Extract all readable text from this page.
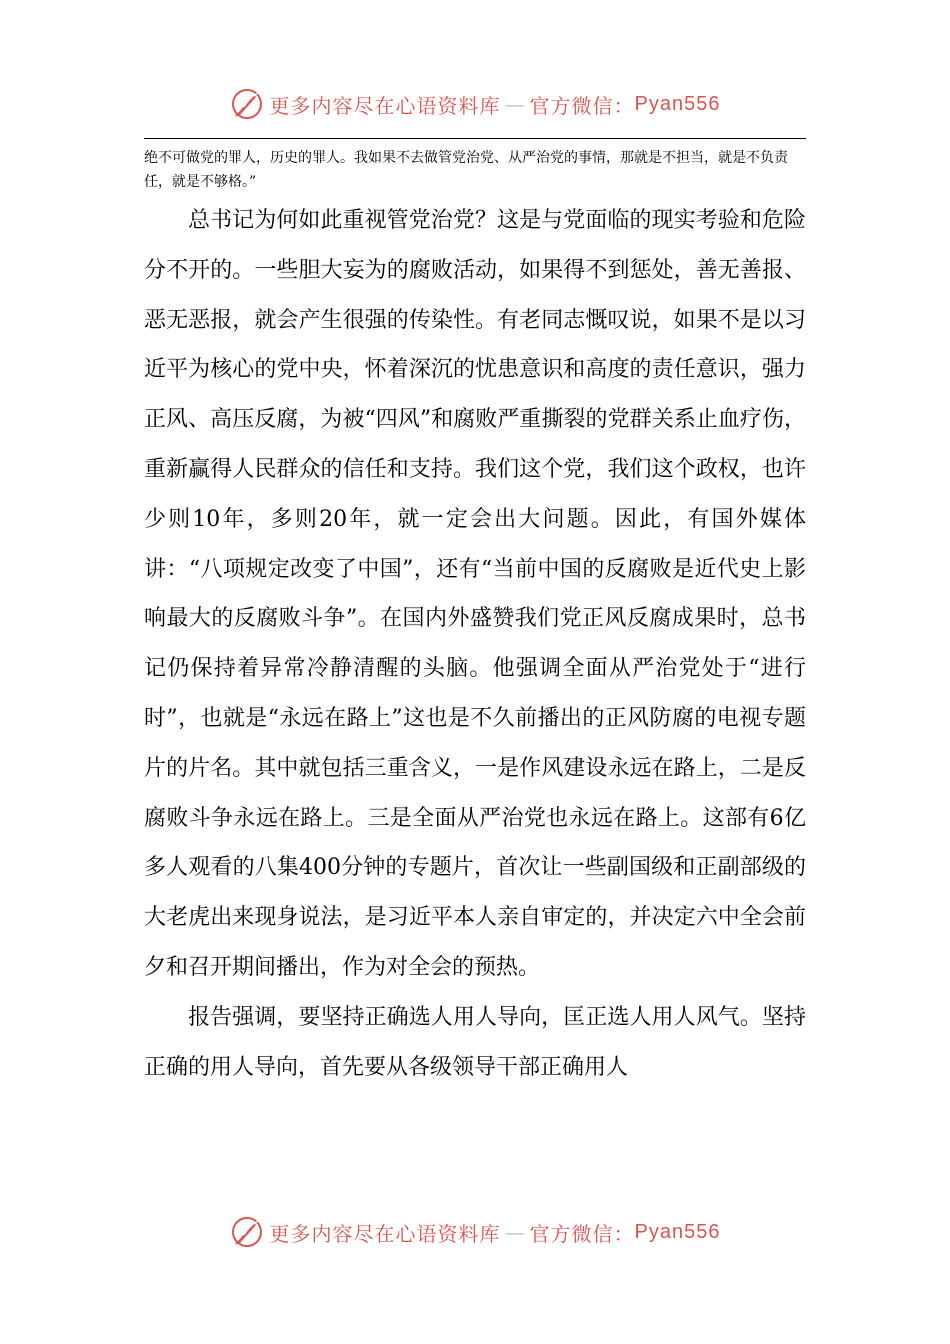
更多内容尽在心语资料库 — 官方微信： Pyan556

绝不可做党的罪人，历史的罪人。我如果不去做管党治党、从严治党的事情，那就是不担当，就是不负责任，就是不够格。”

总书记为何如此重视管党治党？这是与党面临的现实考验和危险分不开的。一些胆大妄为的腐败活动，如果得不到惩处，善无善报、恶无恶报，就会产生很强的传染性。有老同志慨叹说，如果不是以习近平为核心的党中央，怀着深沉的忧患意识和高度的责任意识，强力正风、高压反腐，为被“四风”和腐败严重撕裂的党群关系止血疗伤，重新赢得人民群众的信任和支持。我们这个党，我们这个政权，也许少则10年，多则20年，就一定会出大问题。因此，有国外媒体讲：“八项规定改变了中国”，还有“当前中国的反腐败是近代史上影响最大的反腐败斗争”。在国内外盛赞我们党正风反腐成果时，总书记仍保持着异常冷静清醒的头脑。他强调全面从严治党处于“进行时”，也就是“永远在路上”这也是不久前播出的正风防腐的电视专题片的片名。其中就包括三重含义，一是作风建设永远在路上，二是反腐败斗争永远在路上。三是全面从严治党也永远在路上。这部有6亿多人观看的八集400分钟的专题片，首次让一些副国级和正副部级的大老虎出来现身说法，是习近平本人亲自审定的，并决定六中全会前夕和召开期间播出，作为对全会的预热。

报告强调，要坚持正确选人用人导向，匡正选人用人风气。坚持正确的用人导向，首先要从各级领导干部正确用人

更多内容尽在心语资料库 — 官方微信： Pyan556
